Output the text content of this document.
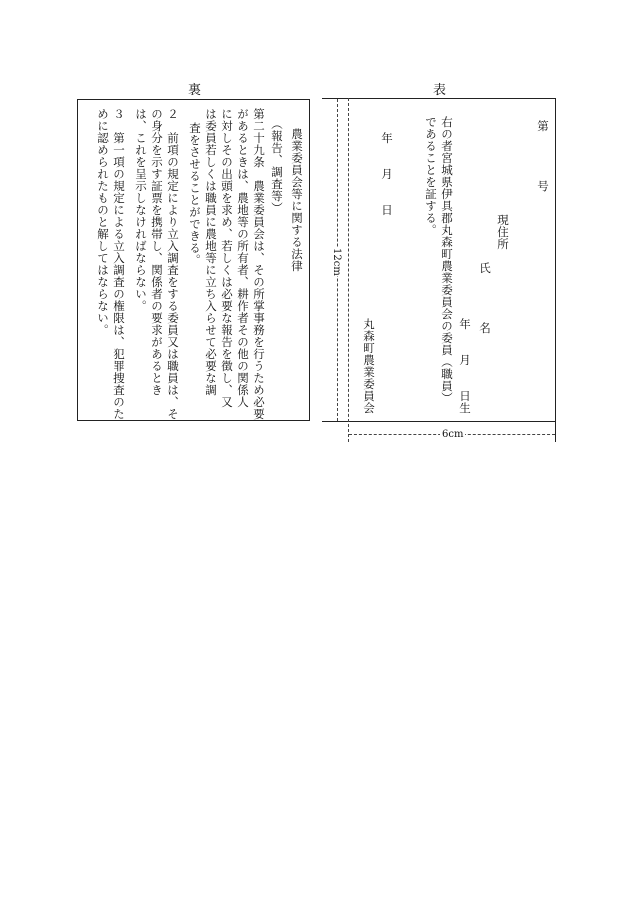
裏	表
農業委員会等に関する法律
（報告、調査等）
第二十九条　農業委員会は、その所掌事務を行うため必要
があるときは、農地等の所有者、耕作者その他の関係人
に対しその出頭を求め、若しくは必要な報告を徴し、又
は委員若しくは職員に農地等に立ち入らせて必要な調
査をさせることができる。
２　前項の規定により立入調査をする委員又は職員は、そ
の身分を示す証票を携帯し、関係者の要求があるとき
は、これを呈示しなければならない。
３　第一項の規定による立入調査の権限は、犯罪捜査のた
めに認められたものと解してはならない。	12cm
6cm
第　　　　号
現住所
氏　　　　名
年　　月　　日生
右の者宮城県伊具郡丸森町農業委員会の委員（職員）
であることを証する。
年　　月　　日
丸森町農業委員会
